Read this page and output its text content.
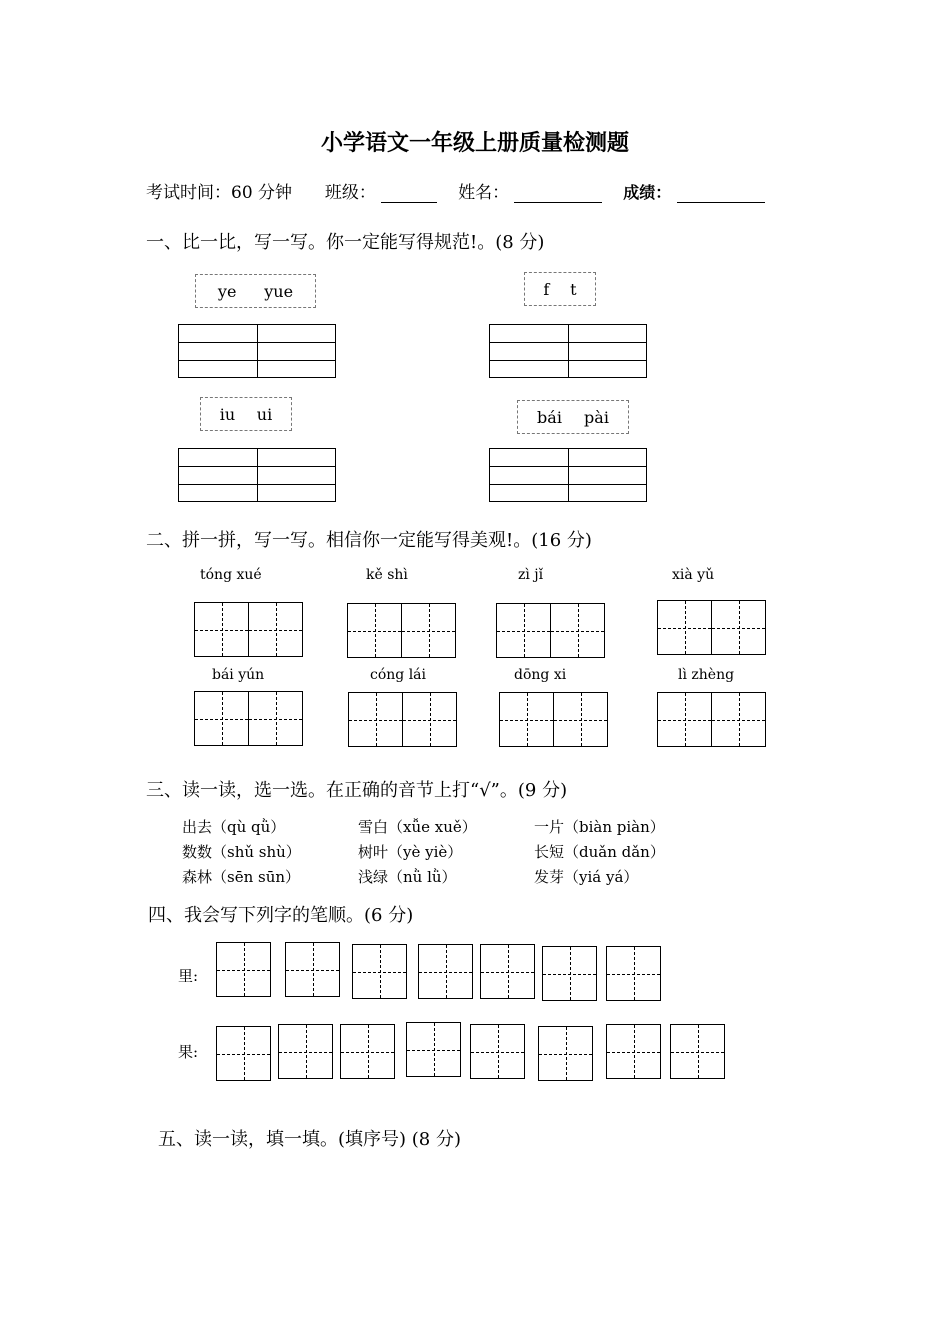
小学语文一年级上册质量检测题
考试时间：60 分钟 班级：	姓名：	成绩：
一、比一比，写一写。你一定能写得规范!。(8 分)
ye yue	f t
iu ui	bái pài
二、拼一拼，写一写。相信你一定能写得美观!。(16 分)
tóng xué	kě shì	zì jǐ	xià yǔ
bái yún	cóng lái	dōng xi	lì zhèng
三、读一读，选一选。在正确的音节上打“√”。(9 分)
出去（qù qǜ）	雪白（xǚe xuě）	一片（biàn piàn）
数数（shǔ shù）	树叶（yè yiè）	长短（duǎn dǎn）
森林（sēn sūn）	浅绿（nǜ lǜ）	发芽（yiá yá）
四、我会写下列字的笔顺。(6 分)
里:
果:
五、读一读，填一填。(填序号) (8 分)
